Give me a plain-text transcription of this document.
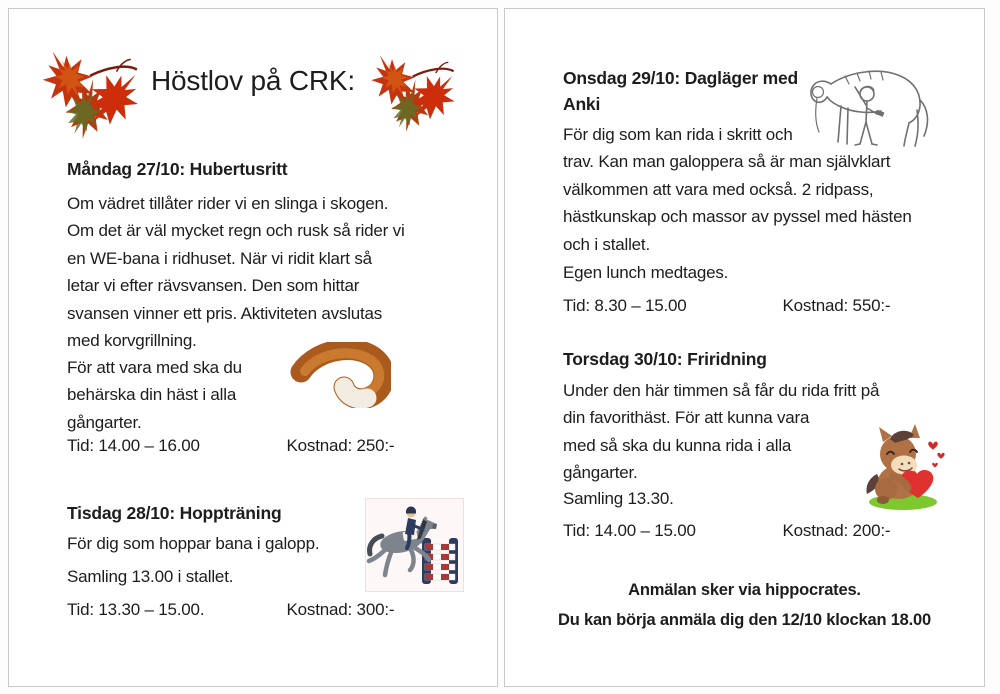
Höstlov på CRK:
Måndag 27/10: Hubertusritt
Om vädret tillåter rider vi en slinga i skogen.
Om det är väl mycket regn och rusk så rider vi
en WE-bana i ridhuset. När vi ridit klart så
letar vi efter rävsvansen. Den som hittar
svansen vinner ett pris. Aktiviteten avslutas
med korvgrillning.
För att vara med ska du
behärska din häst i alla
gångarter.
Tid: 14.00 – 16.00	Kostnad: 250:-
Tisdag 28/10: Hoppträning
För dig som hoppar bana i galopp.
Samling 13.00 i stallet.
Tid: 13.30 – 15.00.	Kostnad: 300:-
Onsdag 29/10: Dagläger med
Anki
För dig som kan rida i skritt och
trav. Kan man galoppera så är man självklart
välkommen att vara med också. 2 ridpass,
hästkunskap och massor av pyssel med hästen
och i stallet.
Egen lunch medtages.
Tid: 8.30 – 15.00	Kostnad: 550:-
Torsdag 30/10: Friridning
Under den här timmen så får du rida fritt på
din favorithäst. För att kunna vara
med så ska du kunna rida i alla
gångarter.
Samling 13.30.
Tid: 14.00 – 15.00	Kostnad: 200:-
Anmälan sker via hippocrates.
Du kan börja anmäla dig den 12/10 klockan 18.00
